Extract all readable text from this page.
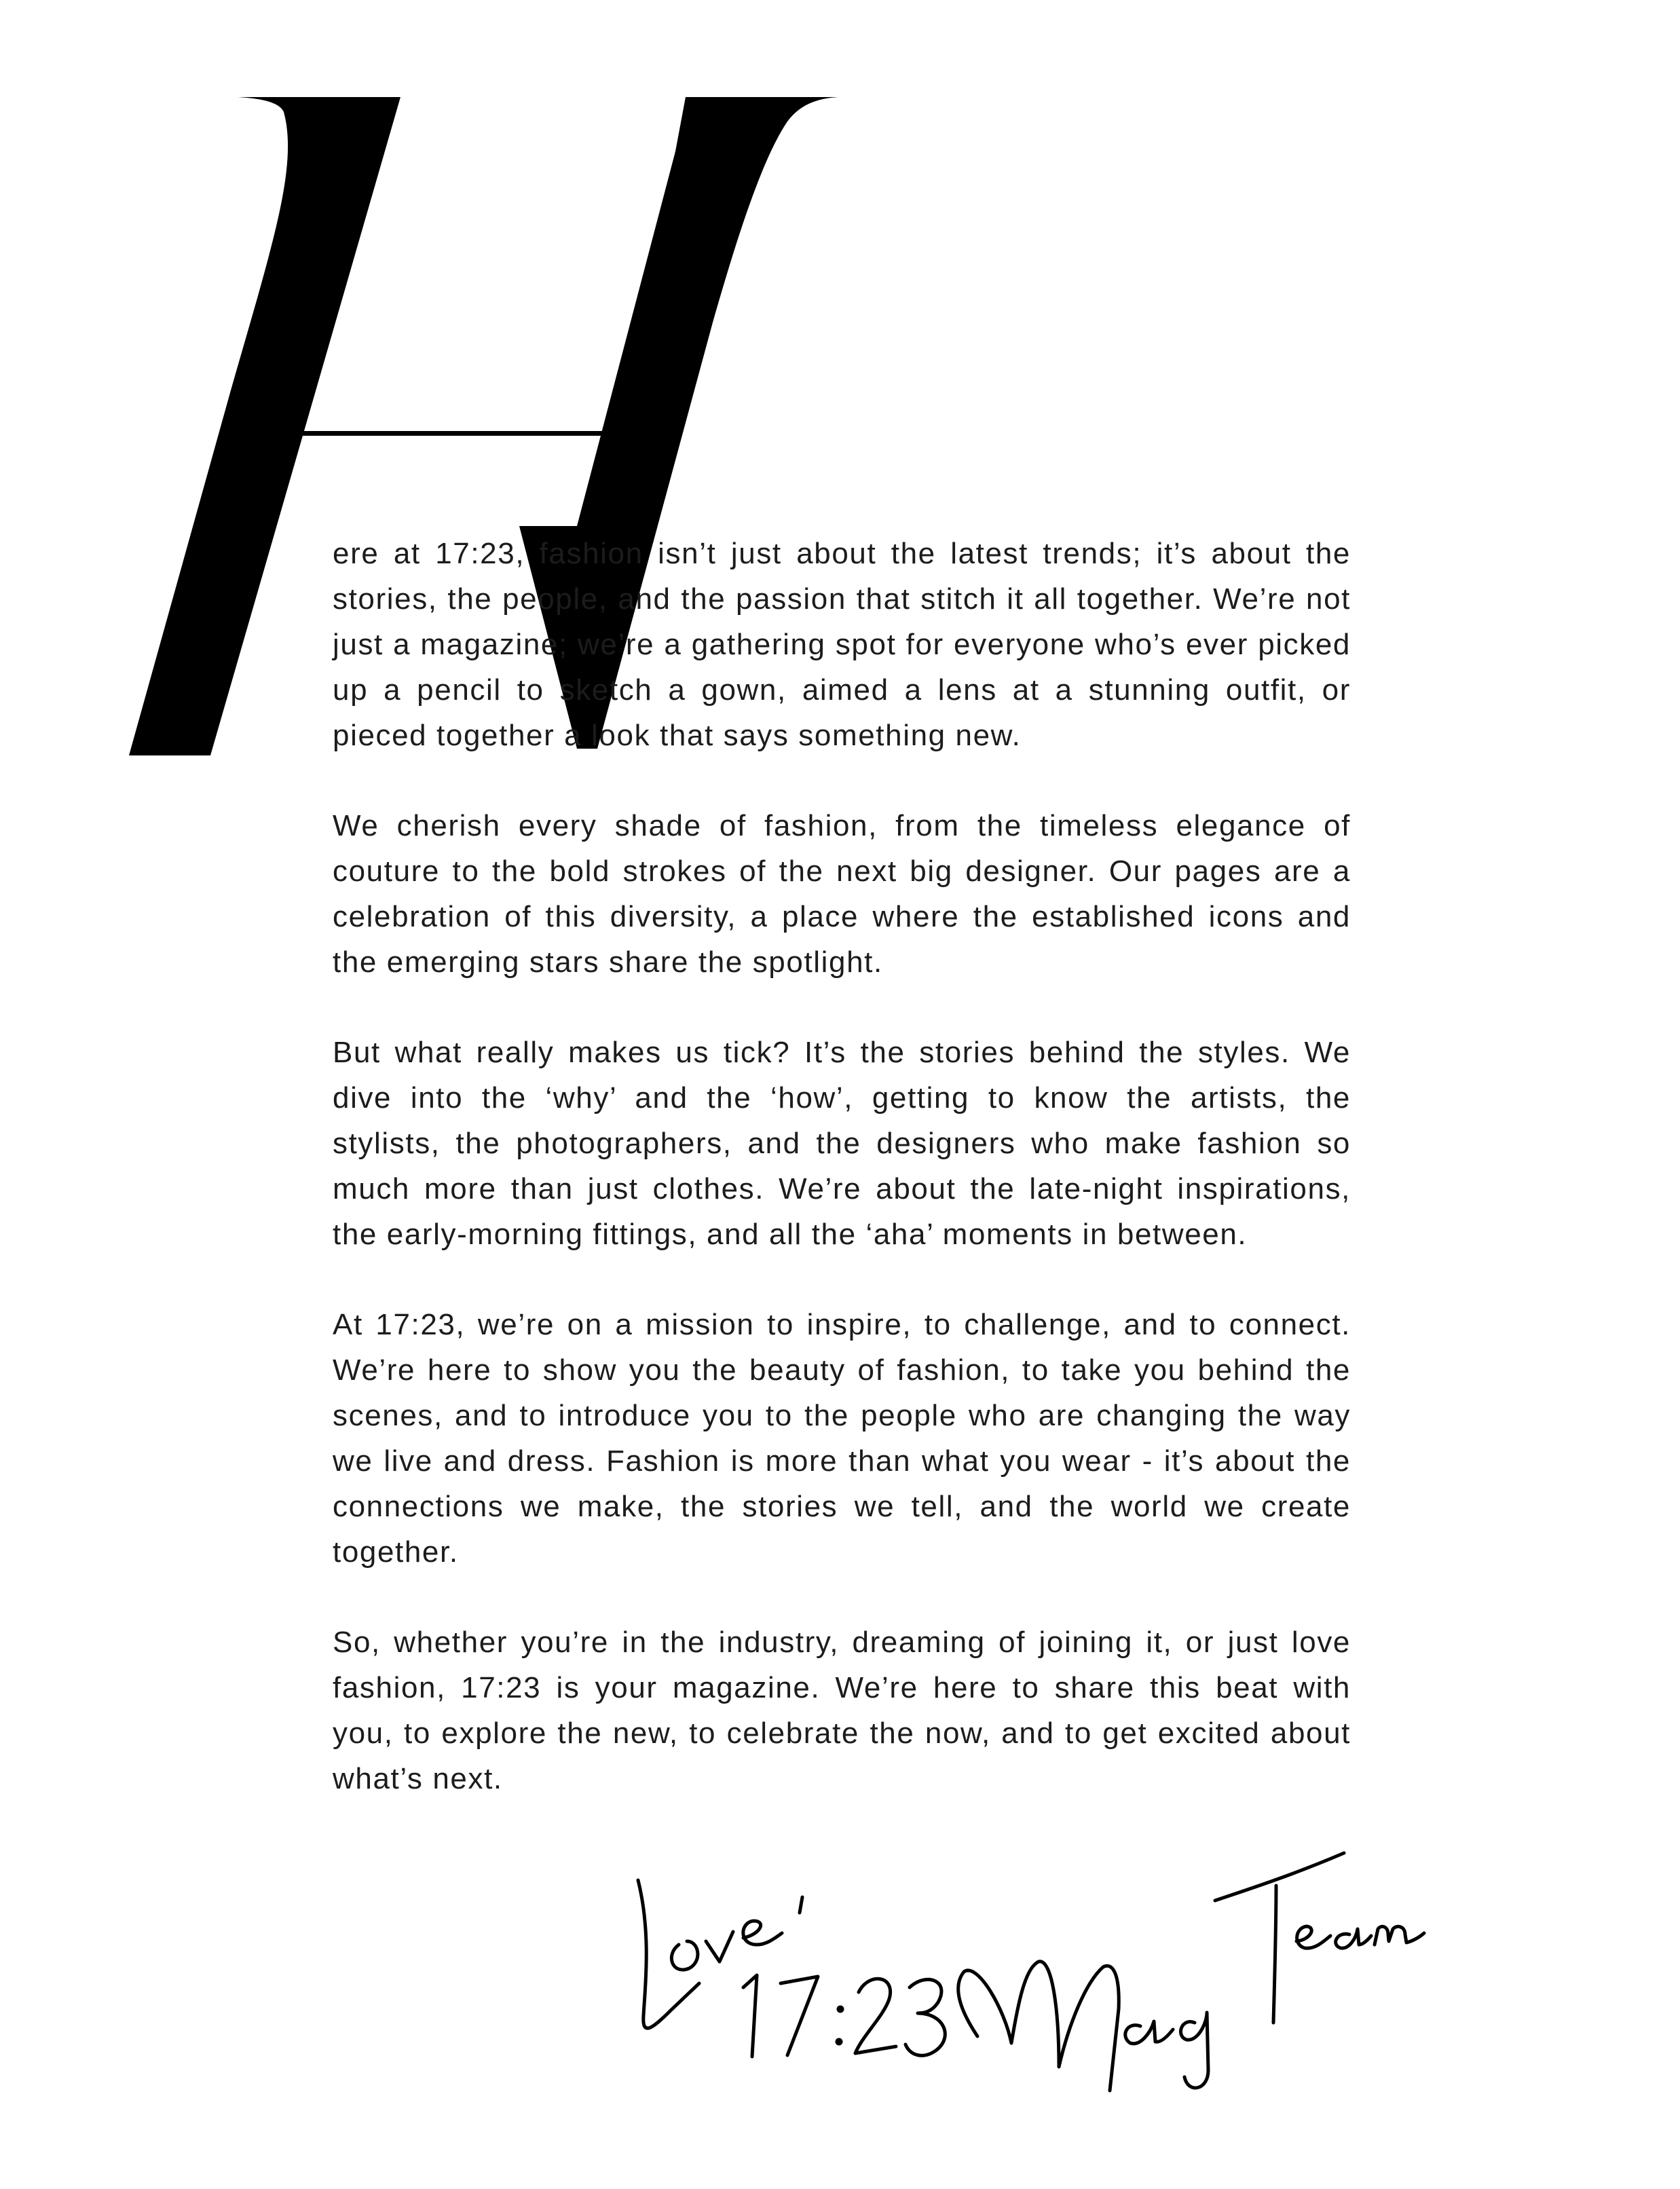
ere at 17:23, fashion isn’t just about the latest trends; it’s about the stories, the people, and the passion that stitch it all together. We’re not just a magazine; we’re a gathering spot for everyone who’s ever picked up a pencil to sketch a gown, aimed a lens at a stunning outfit, or pieced together a look that says something new.

We cherish every shade of fashion, from the timeless elegance of couture to the bold strokes of the next big designer. Our pages are a celebration of this diversity, a place where the established icons and the emerging stars share the spotlight.

But what really makes us tick? It’s the stories behind the styles. We dive into the ‘why’ and the ‘how’, getting to know the artists, the stylists, the photographers, and the designers who make fashion so much more than just clothes. We’re about the late-night inspirations, the early-morning fittings, and all the ‘aha’ moments in between.

At 17:23, we’re on a mission to inspire, to challenge, and to connect. We’re here to show you the beauty of fashion, to take you behind the scenes, and to introduce you to the people who are changing the way we live and dress. Fashion is more than what you wear - it’s about the connections we make, the stories we tell, and the world we create together.

So, whether you’re in the industry, dreaming of joining it, or just love fashion, 17:23 is your magazine. We’re here to share this beat with you, to explore the new, to celebrate the now, and to get excited about what’s next.
